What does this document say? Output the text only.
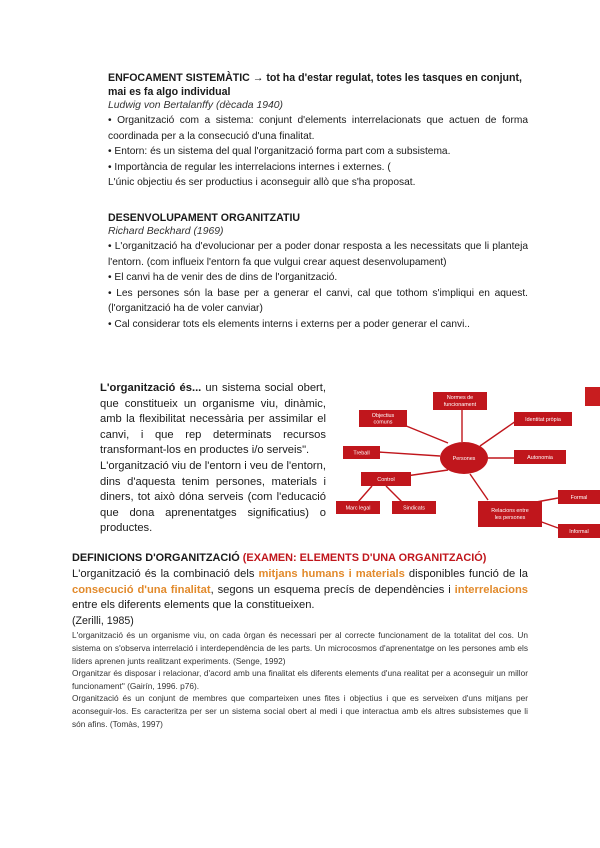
ENFOCAMENT SISTEMÀTIC → tot ha d'estar regulat, totes les tasques en conjunt, mai es fa algo individual
Ludwig von Bertalanffy (dècada 1940)
• Organització com a sistema: conjunt d'elements interrelacionats que actuen de forma coordinada per a la consecució d'una finalitat.
• Entorn: és un sistema del qual l'organització forma part com a subsistema.
• Importància de regular les interrelacions internes i externes. (
L'únic objectiu és ser productius i aconseguir allò que s'ha proposat.
DESENVOLUPAMENT ORGANITZATIU
Richard Beckhard (1969)
• L'organització ha d'evolucionar per a poder donar resposta a les necessitats que li planteja l'entorn. (com influeix l'entorn fa que vulgui crear aquest desenvolupament)
• El canvi ha de venir des de dins de l'organització.
• Les persones són la base per a generar el canvi, cal que tothom s'impliqui en aquest. (l'organització ha de voler canviar)
• Cal considerar tots els elements interns i externs per a poder generar el canvi..
L'organització és... un sistema social obert, que constitueix un organisme viu, dinàmic, amb la flexibilitat necessària per assimilar el canvi, i que rep determinats recursos transformant-los en productes i/o serveis".
L'organització viu de l'entorn i veu de l'entorn, dins d'aquesta tenim persones, materials i diners, tot això dóna serveis (com l'educació que dona aprenentatges significatius) o productes.
Persones
Normes de
funcionament
Objectius
comuns	Identitat pròpia
Treball
Autonomia
Control
Marc legal	Sindicats	Relacions entre
les persones
Formal
Informal
DEFINICIONS D'ORGANITZACIÓ (EXAMEN: ELEMENTS D'UNA ORGANITZACIÓ)
L'organització és la combinació dels mitjans humans i materials disponibles funció de la consecució d'una finalitat, segons un esquema precís de dependències i interrelacions entre els diferents elements que la constitueixen.
(Zerilli, 1985)
L'organització és un organisme viu, on cada òrgan és necessari per al correcte funcionament de la totalitat del cos. Un sistema on s'observa interrelació i interdependència de les parts. Un microcosmos d'aprenentatge on les persones amb els líders aprenen junts realitzant experiments. (Senge, 1992)
Organitzar és disposar i relacionar, d'acord amb una finalitat els diferents elements d'una realitat per a aconseguir un millor funcionament" (Gairín, 1996. p76).
Organització és un conjunt de membres que comparteixen unes fites i objectius i que es serveixen d'uns mitjans per aconseguir-los. Es caracteritza per ser un sistema social obert al medi i que interactua amb els altres subsistemes que li són afins. (Tomàs, 1997)
